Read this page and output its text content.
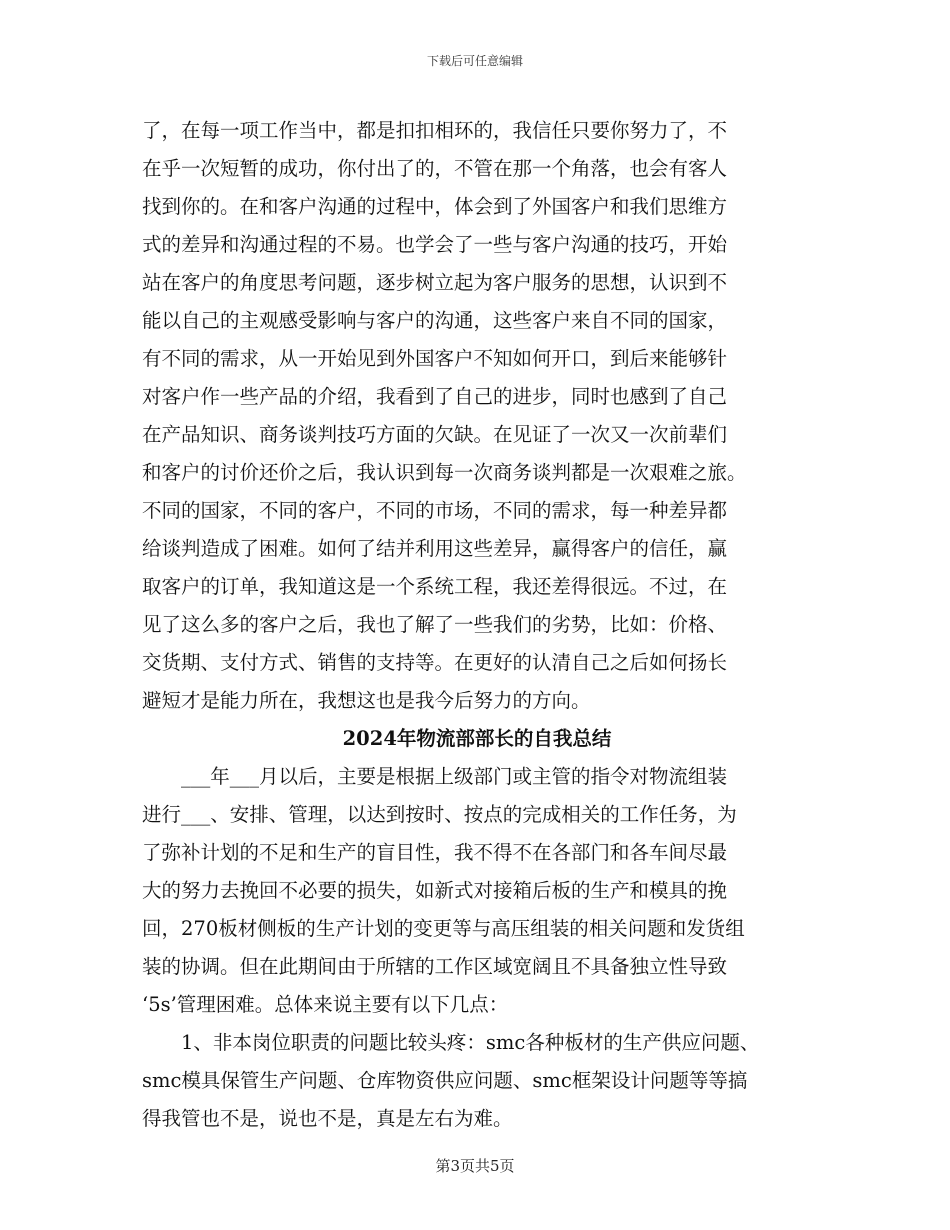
下载后可任意编辑
了，在每一项工作当中，都是扣扣相环的，我信任只要你努力了，不
在乎一次短暂的成功，你付出了的，不管在那一个角落，也会有客人
找到你的。在和客户沟通的过程中，体会到了外国客户和我们思维方
式的差异和沟通过程的不易。也学会了一些与客户沟通的技巧，开始
站在客户的角度思考问题，逐步树立起为客户服务的思想，认识到不
能以自己的主观感受影响与客户的沟通，这些客户来自不同的国家，
有不同的需求，从一开始见到外国客户不知如何开口，到后来能够针
对客户作一些产品的介绍，我看到了自己的进步，同时也感到了自己
在产品知识、商务谈判技巧方面的欠缺。在见证了一次又一次前辈们
和客户的讨价还价之后，我认识到每一次商务谈判都是一次艰难之旅。
不同的国家，不同的客户，不同的市场，不同的需求，每一种差异都
给谈判造成了困难。如何了结并利用这些差异，赢得客户的信任，赢
取客户的订单，我知道这是一个系统工程，我还差得很远。不过，在
见了这么多的客户之后，我也了解了一些我们的劣势，比如：价格、
交货期、支付方式、销售的支持等。在更好的认清自己之后如何扬长
避短才是能力所在，我想这也是我今后努力的方向。
2024年物流部部长的自我总结
　　___年___月以后，主要是根据上级部门或主管的指令对物流组装
进行___、安排、管理，以达到按时、按点的完成相关的工作任务，为
了弥补计划的不足和生产的盲目性，我不得不在各部门和各车间尽最
大的努力去挽回不必要的损失，如新式对接箱后板的生产和模具的挽
回，270板材侧板的生产计划的变更等与高压组装的相关问题和发货组
装的协调。但在此期间由于所辖的工作区域宽阔且不具备独立性导致
‘5s’管理困难。总体来说主要有以下几点：
　　1、非本岗位职责的问题比较头疼：smc各种板材的生产供应问题、
smc模具保管生产问题、仓库物资供应问题、smc框架设计问题等等搞
得我管也不是，说也不是，真是左右为难。
第3页共5页
